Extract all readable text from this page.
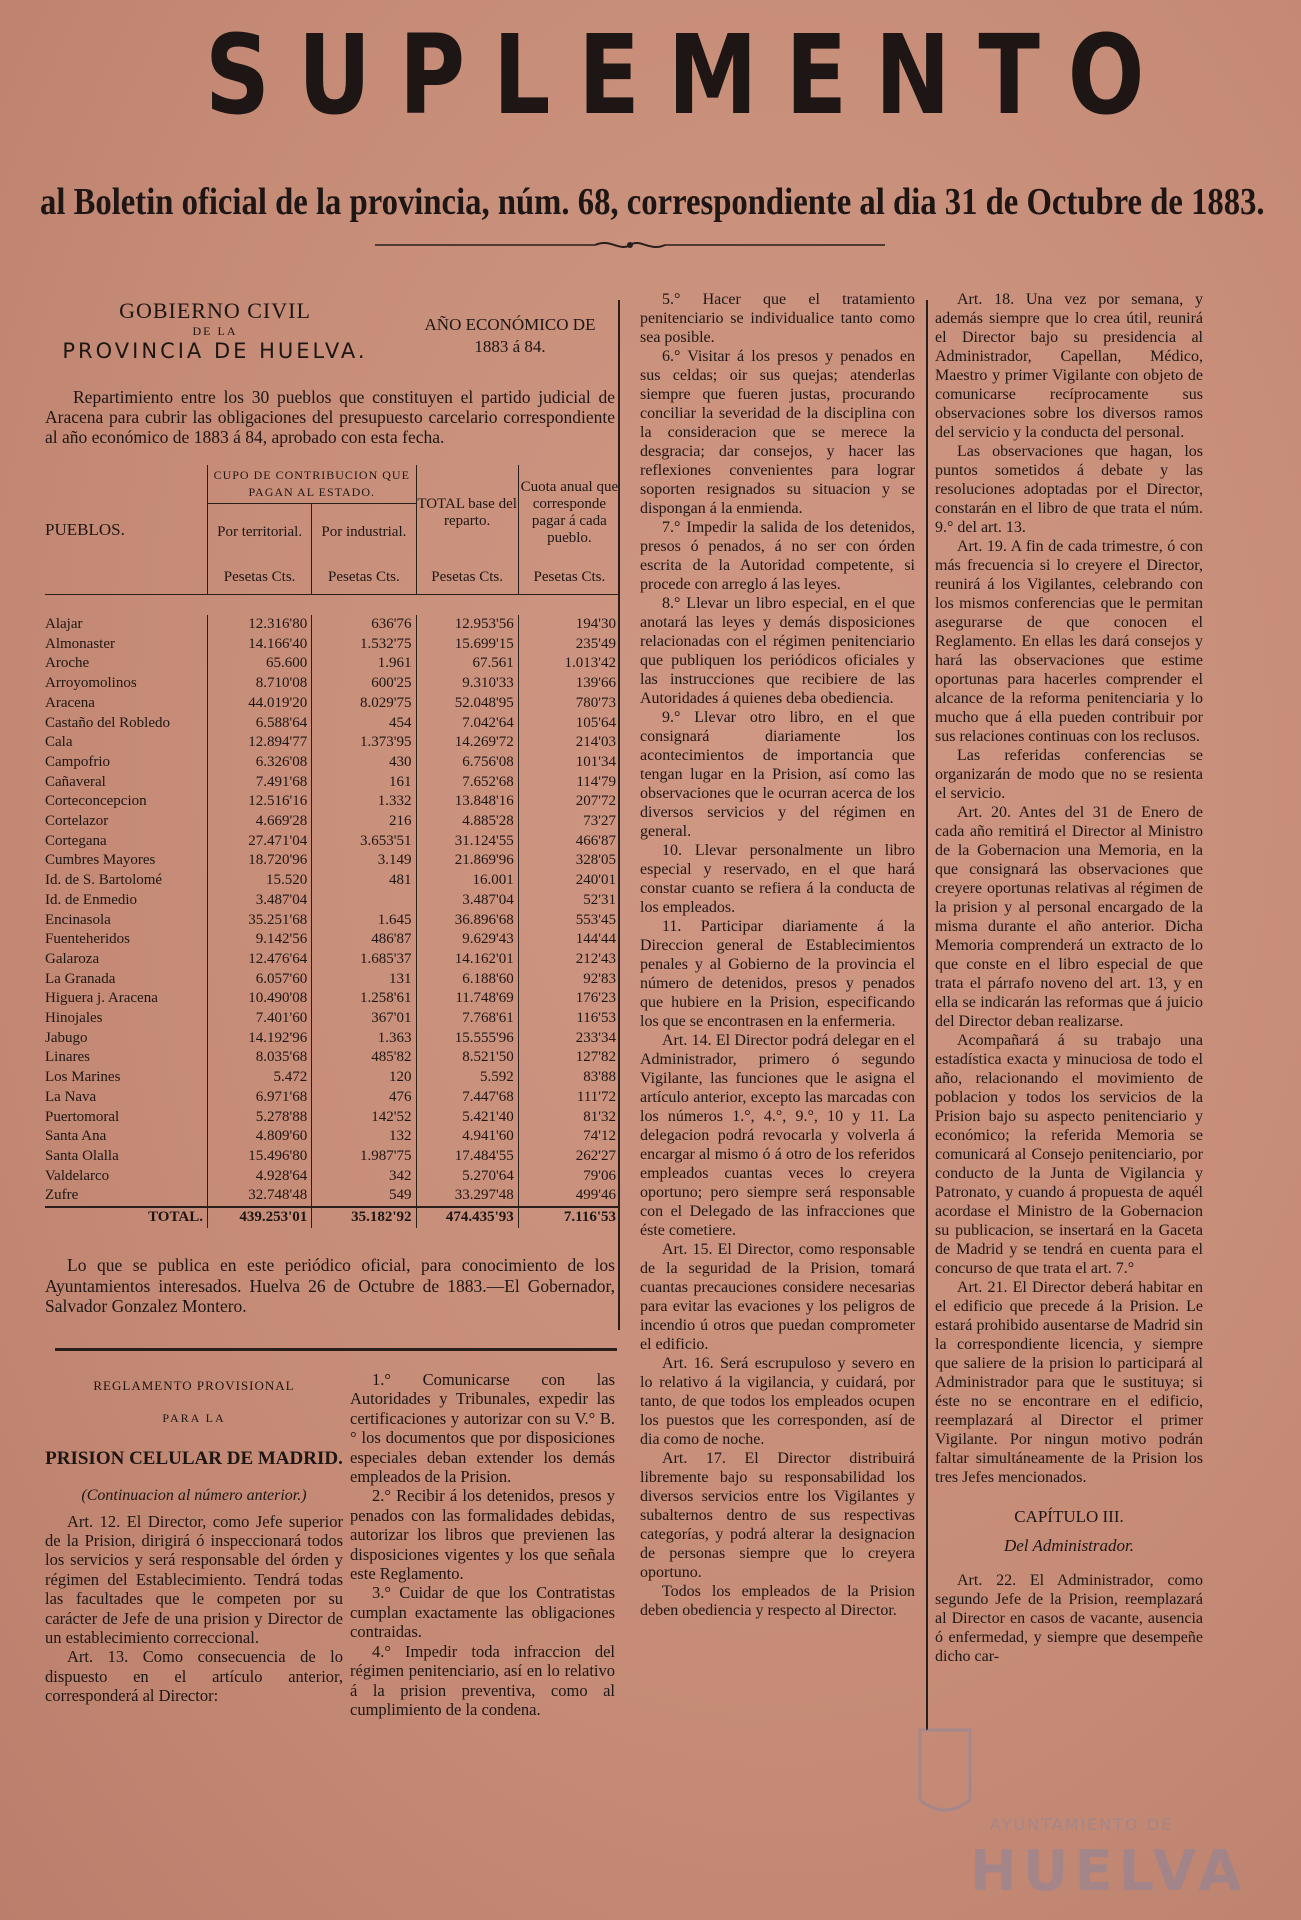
SUPLEMENTO
al Boletin oficial de la provincia, núm. 68, correspondiente al dia 31 de Octubre de 1883.
GOBIERNO CIVIL
DE LA
PROVINCIA DE HUELVA.
AÑO ECONÓMICO DE
1883 á 84.

Repartimiento entre los 30 pueblos que constituyen el partido judicial de Aracena para cubrir las obligaciones del presupuesto carcelario correspondiente al año económico de 1883 á 84, aprobado con esta fecha.

PUEBLOS.	CUPO DE CONTRIBUCION QUE PAGAN AL ESTADO.		TOTAL base del reparto.	Cuota anual que corresponde pagar á cada pueblo.
	Por territorial.	Por industrial.		
	Pesetas Cts.	Pesetas Cts.	Pesetas Cts.	Pesetas Cts.

Alajar	12.316'80	636'76	12.953'56	194'30
Almonaster	14.166'40	1.532'75	15.699'15	235'49
Aroche	65.600	1.961	67.561	1.013'42
Arroyomolinos	8.710'08	600'25	9.310'33	139'66
Aracena	44.019'20	8.029'75	52.048'95	780'73
Castaño del Robledo	6.588'64	454	7.042'64	105'64
Cala	12.894'77	1.373'95	14.269'72	214'03
Campofrio	6.326'08	430	6.756'08	101'34
Cañaveral	7.491'68	161	7.652'68	114'79
Corteconcepcion	12.516'16	1.332	13.848'16	207'72
Cortelazor	4.669'28	216	4.885'28	73'27
Cortegana	27.471'04	3.653'51	31.124'55	466'87
Cumbres Mayores	18.720'96	3.149	21.869'96	328'05
Id. de S. Bartolomé	15.520	481	16.001	240'01
Id. de Enmedio	3.487'04		3.487'04	52'31
Encinasola	35.251'68	1.645	36.896'68	553'45
Fuenteheridos	9.142'56	486'87	9.629'43	144'44
Galaroza	12.476'64	1.685'37	14.162'01	212'43
La Granada	6.057'60	131	6.188'60	92'83
Higuera j. Aracena	10.490'08	1.258'61	11.748'69	176'23
Hinojales	7.401'60	367'01	7.768'61	116'53
Jabugo	14.192'96	1.363	15.555'96	233'34
Linares	8.035'68	485'82	8.521'50	127'82
Los Marines	5.472	120	5.592	83'88
La Nava	6.971'68	476	7.447'68	111'72
Puertomoral	5.278'88	142'52	5.421'40	81'32
Santa Ana	4.809'60	132	4.941'60	74'12
Santa Olalla	15.496'80	1.987'75	17.484'55	262'27
Valdelarco	4.928'64	342	5.270'64	79'06
Zufre	32.748'48	549	33.297'48	499'46
TOTAL.	439.253'01	35.182'92	474.435'93	7.116'53

Lo que se publica en este periódico oficial, para conocimiento de los Ayuntamientos interesados. Huelva 26 de Octubre de 1883.—El Gobernador, Salvador Gonzalez Montero.

REGLAMENTO PROVISIONAL
PARA LA
PRISION CELULAR DE MADRID.
(Continuacion al número anterior.)

Art. 12. El Director, como Jefe superior de la Prision, dirigirá ó inspeccionará todos los servicios y será responsable del órden y régimen del Establecimiento. Tendrá todas las facultades que le competen por su carácter de Jefe de una prision y Director de un establecimiento correccional.

Art. 13. Como consecuencia de lo dispuesto en el artículo anterior, corresponderá al Director:

1.° Comunicarse con las Autoridades y Tribunales, expedir las certificaciones y autorizar con su V.° B.° los documentos que por disposiciones especiales deban extender los demás empleados de la Prision.

2.° Recibir á los detenidos, presos y penados con las formalidades debidas, autorizar los libros que previenen las disposiciones vigentes y los que señala este Reglamento.

3.° Cuidar de que los Contratistas cumplan exactamente las obligaciones contraidas.

4.° Impedir toda infraccion del régimen penitenciario, así en lo relativo á la prision preventiva, como al cumplimiento de la condena.

5.° Hacer que el tratamiento penitenciario se individualice tanto como sea posible.

6.° Visitar á los presos y penados en sus celdas; oir sus quejas; atenderlas siempre que fueren justas, procurando conciliar la severidad de la disciplina con la consideracion que se merece la desgracia; dar consejos, y hacer las reflexiones convenientes para lograr soporten resignados su situacion y se dispongan á la enmienda.

7.° Impedir la salida de los detenidos, presos ó penados, á no ser con órden escrita de la Autoridad competente, si procede con arreglo á las leyes.

8.° Llevar un libro especial, en el que anotará las leyes y demás disposiciones relacionadas con el régimen penitenciario que publiquen los periódicos oficiales y las instrucciones que recibiere de las Autoridades á quienes deba obediencia.

9.° Llevar otro libro, en el que consignará diariamente los acontecimientos de importancia que tengan lugar en la Prision, así como las observaciones que le ocurran acerca de los diversos servicios y del régimen en general.

10. Llevar personalmente un libro especial y reservado, en el que hará constar cuanto se refiera á la conducta de los empleados.

11. Participar diariamente á la Direccion general de Establecimientos penales y al Gobierno de la provincia el número de detenidos, presos y penados que hubiere en la Prision, especificando los que se encontrasen en la enfermeria.

Art. 14. El Director podrá delegar en el Administrador, primero ó segundo Vigilante, las funciones que le asigna el artículo anterior, excepto las marcadas con los números 1.°, 4.°, 9.°, 10 y 11. La delegacion podrá revocarla y volverla á encargar al mismo ó á otro de los referidos empleados cuantas veces lo creyera oportuno; pero siempre será responsable con el Delegado de las infracciones que éste cometiere.

Art. 15. El Director, como responsable de la seguridad de la Prision, tomará cuantas precauciones considere necesarias para evitar las evaciones y los peligros de incendio ú otros que puedan comprometer el edificio.

Art. 16. Será escrupuloso y severo en lo relativo á la vigilancia, y cuidará, por tanto, de que todos los empleados ocupen los puestos que les corresponden, así de dia como de noche.

Art. 17. El Director distribuirá libremente bajo su responsabilidad los diversos servicios entre los Vigilantes y subalternos dentro de sus respectivas categorías, y podrá alterar la designacion de personas siempre que lo creyera oportuno.

Todos los empleados de la Prision deben obediencia y respecto al Director.

Art. 18. Una vez por semana, y además siempre que lo crea útil, reunirá el Director bajo su presidencia al Administrador, Capellan, Médico, Maestro y primer Vigilante con objeto de comunicarse recíprocamente sus observaciones sobre los diversos ramos del servicio y la conducta del personal.

Las observaciones que hagan, los puntos sometidos á debate y las resoluciones adoptadas por el Director, constarán en el libro de que trata el núm. 9.° del art. 13.

Art. 19. A fin de cada trimestre, ó con más frecuencia si lo creyere el Director, reunirá á los Vigilantes, celebrando con los mismos conferencias que le permitan asegurarse de que conocen el Reglamento. En ellas les dará consejos y hará las observaciones que estime oportunas para hacerles comprender el alcance de la reforma penitenciaria y lo mucho que á ella pueden contribuir por sus relaciones continuas con los reclusos.

Las referidas conferencias se organizarán de modo que no se resienta el servicio.

Art. 20. Antes del 31 de Enero de cada año remitirá el Director al Ministro de la Gobernacion una Memoria, en la que consignará las observaciones que creyere oportunas relativas al régimen de la prision y al personal encargado de la misma durante el año anterior. Dicha Memoria comprenderá un extracto de lo que conste en el libro especial de que trata el párrafo noveno del art. 13, y en ella se indicarán las reformas que á juicio del Director deban realizarse.

Acompañará á su trabajo una estadística exacta y minuciosa de todo el año, relacionando el movimiento de poblacion y todos los servicios de la Prision bajo su aspecto penitenciario y económico; la referida Memoria se comunicará al Consejo penitenciario, por conducto de la Junta de Vigilancia y Patronato, y cuando á propuesta de aquél acordase el Ministro de la Gobernacion su publicacion, se insertará en la Gaceta de Madrid y se tendrá en cuenta para el concurso de que trata el art. 7.°

Art. 21. El Director deberá habitar en el edificio que precede á la Prision. Le estará prohibido ausentarse de Madrid sin la correspondiente licencia, y siempre que saliere de la prision lo participará al Administrador para que le sustituya; si éste no se encontrare en el edificio, reemplazará al Director el primer Vigilante. Por ningun motivo podrán faltar simultáneamente de la Prision los tres Jefes mencionados.

CAPÍTULO III.
Del Administrador.

Art. 22. El Administrador, como segundo Jefe de la Prision, reemplazará al Director en casos de vacante, ausencia ó enfermedad, y siempre que desempeñe dicho car-

AYUNTAMIENTO DE
HUELVA
